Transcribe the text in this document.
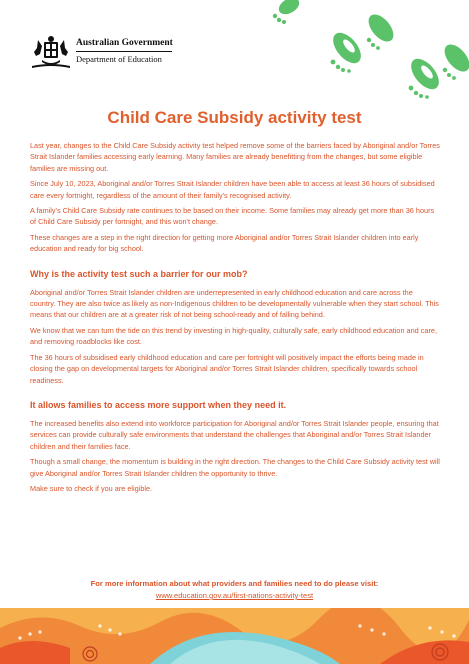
Australian Government
Department of Education
Child Care Subsidy activity test

Last year, changes to the Child Care Subsidy activity test helped remove some of the barriers faced by Aboriginal and/or Torres Strait Islander families accessing early learning. Many families are already benefitting from the changes, but some eligible families are missing out.

Since July 10, 2023, Aboriginal and/or Torres Strait Islander children have been able to access at least 36 hours of subsidised care every fortnight, regardless of the amount of their family's recognised activity.

A family's Child Care Subsidy rate continues to be based on their income. Some families may already get more than 36 hours of Child Care Subsidy per fortnight, and this won't change.

These changes are a step in the right direction for getting more Aboriginal and/or Torres Strait Islander children into early education and ready for big school.

Why is the activity test such a barrier for our mob?

Aboriginal and/or Torres Strait Islander children are underrepresented in early childhood education and care across the country. They are also twice as likely as non-Indigenous children to be developmentally vulnerable when they start school. This means that our children are at a greater risk of not being school-ready and of falling behind.

We know that we can turn the tide on this trend by investing in high-quality, culturally safe, early childhood education and care, and removing roadblocks like cost.

The 36 hours of subsidised early childhood education and care per fortnight will positively impact the efforts being made in closing the gap on developmental targets for Aboriginal and/or Torres Strait Islander children, specifically towards school readiness.

It allows families to access more support when they need it.

The increased benefits also extend into workforce participation for Aboriginal and/or Torres Strait Islander people, ensuring that services can provide culturally safe environments that understand the challenges that Aboriginal and/or Torres Strait Islander children and their families face.

Though a small change, the momentum is building in the right direction. The changes to the Child Care Subsidy activity test will give Aboriginal and/or Torres Strait Islander children the opportunity to thrive.

Make sure to check if you are eligible.

For more information about what providers and families need to do please visit:
www.education.gov.au/first-nations-activity-test
